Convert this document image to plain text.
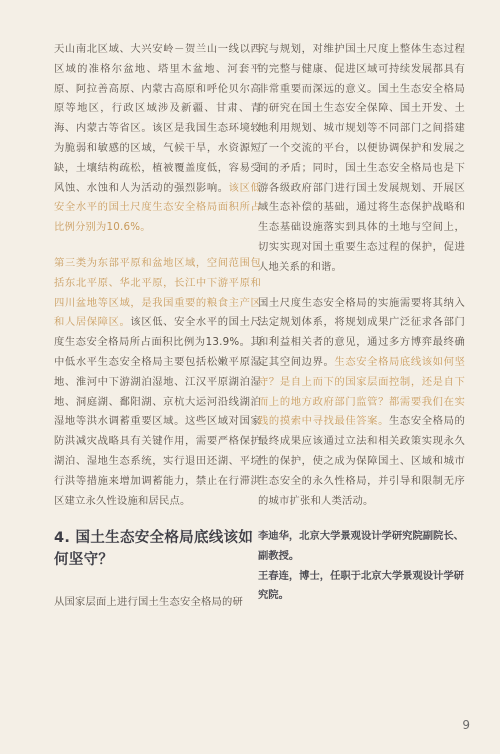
天山南北区域、大兴安岭－贺兰山一线以西区域的准格尔盆地、塔里木盆地、河套平原、阿拉善高原、内蒙古高原和呼伦贝尔高原等地区，行政区域涉及新疆、甘肃、青海、内蒙古等省区。该区是我国生态环境较为脆弱和敏感的区域，气候干旱，水资源短缺，土壤结构疏松，植被覆盖度低，容易受风蚀、水蚀和人为活动的强烈影响。该区低安全水平的国土尺度生态安全格局面积所占比例分别为10.6%。

第三类为东部平原和盆地区域，空间范围包括东北平原、华北平原，长江中下游平原和四川盆地等区域，是我国重要的粮食主产区和人居保障区。该区低、安全水平的国土尺度生态安全格局所占面积比例为13.9%。其中低水平生态安全格局主要包括松嫩平原湿地、淮河中下游湖泊湿地、江汉平原湖泊湿地、洞庭湖、鄱阳湖、京杭大运河沿线湖泊湿地等洪水调蓄重要区域。这些区域对国家防洪减灾战略具有关键作用，需要严格保护湖泊、湿地生态系统，实行退田还湖、平垸行洪等措施来增加调蓄能力，禁止在行滞洪区建立永久性设施和居民点。

4. 国土生态安全格局底线该如何坚守？

从国家层面上进行国土生态安全格局的研

究与规划，对维护国土尺度上整体生态过程的完整与健康、促进区域可持续发展都具有非常重要而深远的意义。国土生态安全格局的研究在国土生态安全保障、国土开发、土地利用规划、城市规划等不同部门之间搭建了一个交流的平台，以便协调保护和发展之间的矛盾；同时，国土生态安全格局也是下游各级政府部门进行国土发展规划、开展区域生态补偿的基础，通过将生态保护战略和生态基础设施落实到具体的土地与空间上，切实实现对国土重要生态过程的保护，促进人地关系的和谐。

国土尺度生态安全格局的实施需要将其纳入法定规划体系，将规划成果广泛征求各部门和利益相关者的意见，通过多方博弈最终确定其空间边界。生态安全格局底线该如何坚守？是自上而下的国家层面控制，还是自下而上的地方政府部门监管？都需要我们在实践的摸索中寻找最佳答案。生态安全格局的最终成果应该通过立法和相关政策实现永久性的保护，使之成为保障国土、区域和城市生态安全的永久性格局，并引导和限制无序的城市扩张和人类活动。

李迪华，北京大学景观设计学研究院副院长、副教授。

王春连，博士，任职于北京大学景观设计学研究院。

9
